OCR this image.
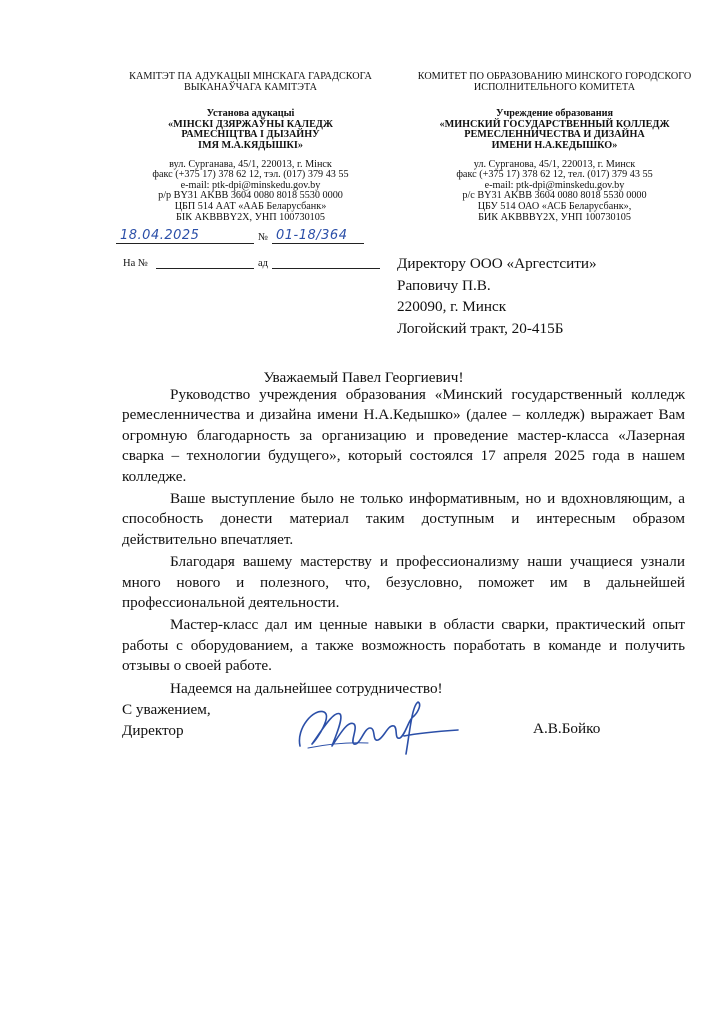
КАМІТЭТ ПА АДУКАЦЫІ МІНСКАГА ГАРАДСКОГА
ВЫКАНАЎЧАГА КАМІТЭТА
Установа адукацыі
«МІНСКІ ДЗЯРЖАЎНЫ КАЛЕДЖ
РАМЕСНІЦТВА І ДЫЗАЙНУ
ІМЯ М.А.КЯДЫШКІ»
вул. Сурганава, 45/1, 220013, г. Мінск
факс (+375 17) 378 62 12, тэл. (017) 379 43 55
e-mail: ptk-dpi@minskedu.gov.by
р/р BY31 AKBB 3604 0080 8018 5530 0000
ЦБП 514 ААТ «ААБ Беларусбанк»
БІК AKBBBY2X, УНП 100730105
КОМИТЕТ ПО ОБРАЗОВАНИЮ МИНСКОГО ГОРОДСКОГО
ИСПОЛНИТЕЛЬНОГО КОМИТЕТА
Учреждение образования
«МИНСКИЙ ГОСУДАРСТВЕННЫЙ КОЛЛЕДЖ
РЕМЕСЛЕННИЧЕСТВА И ДИЗАЙНА
ИМЕНИ Н.А.КЕДЫШКО»
ул. Сурганова, 45/1, 220013, г. Минск
факс (+375 17) 378 62 12, тел. (017) 379 43 55
e-mail: ptk-dpi@minskedu.gov.by
р/с BY31 AKBB 3604 0080 8018 5530 0000
ЦБУ 514 ОАО «АСБ Беларусбанк»,
БИК AKBBBY2X, УНП 100730105
18.04.2025	№ 01-18/364
На №	ад	Директору ООО «Аргестсити»
Раповичу П.В.
220090, г. Минск
Логойский тракт, 20-415Б
Уважаемый Павел Георгиевич!

Руководство учреждения образования «Минский государственный колледж ремесленничества и дизайна имени Н.А.Кедышко» (далее – колледж) выражает Вам огромную благодарность за организацию и проведение мастер-класса «Лазерная сварка – технологии будущего», который состоялся 17 апреля 2025 года в нашем колледже.

Ваше выступление было не только информативным, но и вдохновляющим, а способность донести материал таким доступным и интересным образом действительно впечатляет.

Благодаря вашему мастерству и профессионализму наши учащиеся узнали много нового и полезного, что, безусловно, поможет им в дальнейшей профессиональной деятельности.

Мастер-класс дал им ценные навыки в области сварки, практический опыт работы с оборудованием, а также возможность поработать в команде и получить отзывы о своей работе.

Надеемся на дальнейшее сотрудничество!

С уважением,
Директор	А.В.Бойко
